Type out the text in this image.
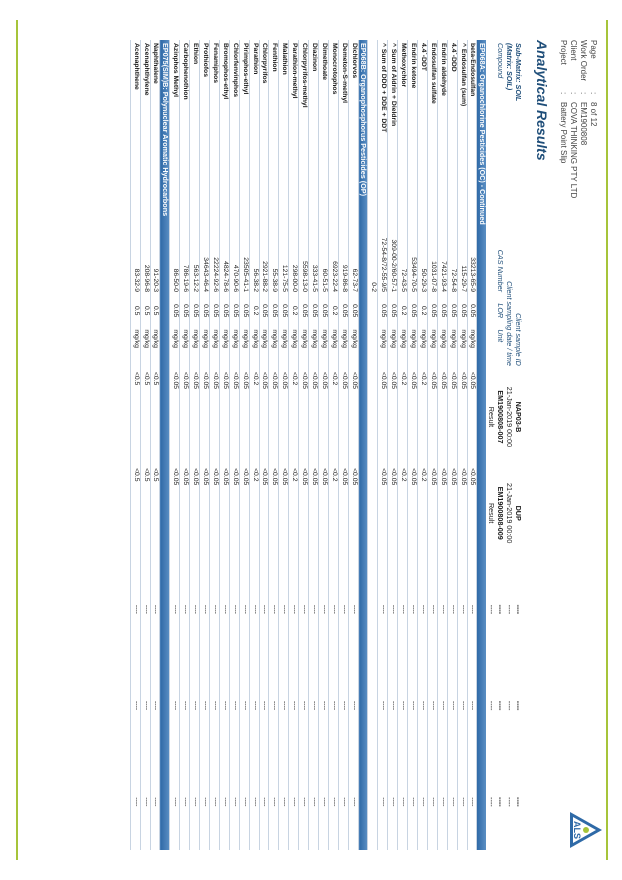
Page
:
8 of 12
Work Order
:
EM1900808
Client
:
COVA THINKING PTY LTD
Project
:
Battery Point Slip
ALS
Analytical Results
Sub-Matrix: SOIL	Client sample ID			NAP03-B	DUP	----	----	----
(Matrix: SOIL)	Client sampling date / time			21-Jan-2019 00:00	21-Jan-2019 00:00	----	----	----
Compound	CAS Number	LOR	Unit	EM1900808-007	EM1900808-009	----	----	----
				Result	Result	----	----	----
EP068A: Organochlorine Pesticides (OC) - Continued								
beta-Endosulfan	33213-65-9	0.05	mg/kg	<0.05	<0.05	----	----	----
^ Endosulfan (sum)	115-29-7	0.05	mg/kg	<0.05	<0.05	----	----	----
4.4`-DDD	72-54-8	0.05	mg/kg	<0.05	<0.05	----	----	----
Endrin aldehyde	7421-93-4	0.05	mg/kg	<0.05	<0.05	----	----	----
Endosulfan sulfate	1031-07-8	0.05	mg/kg	<0.05	<0.05	----	----	----
4.4`-DDT	50-29-3	0.2	mg/kg	<0.2	<0.2	----	----	----
Endrin ketone	53494-70-5	0.05	mg/kg	<0.05	<0.05	----	----	----
Methoxychlor	72-43-5	0.2	mg/kg	<0.2	<0.2	----	----	----
^ Sum of Aldrin + Dieldrin	309-00-2/60-57-1	0.05	mg/kg	<0.05	<0.05	----	----	----
^ Sum of DDD + DDE + DDT	72-54-8/72-55-9/5	0.05	mg/kg	<0.05	<0.05	----	----	----
	0-2							
EP068B: Organophosphorus Pesticides (OP)								
Dichlorvos	62-73-7	0.05	mg/kg	<0.05	<0.05	----	----	----
Demeton-S-methyl	919-86-8	0.05	mg/kg	<0.05	<0.05	----	----	----
Monocrotophos	6923-22-4	0.2	mg/kg	<0.2	<0.2	----	----	----
Dimethoate	60-51-5	0.05	mg/kg	<0.05	<0.05	----	----	----
Diazinon	333-41-5	0.05	mg/kg	<0.05	<0.05	----	----	----
Chlorpyrifos-methyl	5598-13-0	0.05	mg/kg	<0.05	<0.05	----	----	----
Parathion-methyl	298-00-0	0.2	mg/kg	<0.2	<0.2	----	----	----
Malathion	121-75-5	0.05	mg/kg	<0.05	<0.05	----	----	----
Fenthion	55-38-9	0.05	mg/kg	<0.05	<0.05	----	----	----
Chlorpyrifos	2921-88-2	0.05	mg/kg	<0.05	<0.05	----	----	----
Parathion	56-38-2	0.2	mg/kg	<0.2	<0.2	----	----	----
Pirimphos-ethyl	23505-41-1	0.05	mg/kg	<0.05	<0.05	----	----	----
Chlorfenvinphos	470-90-6	0.05	mg/kg	<0.05	<0.05	----	----	----
Bromophos-ethyl	4824-78-6	0.05	mg/kg	<0.05	<0.05	----	----	----
Fenamiphos	22224-92-6	0.05	mg/kg	<0.05	<0.05	----	----	----
Prothiofos	34643-46-4	0.05	mg/kg	<0.05	<0.05	----	----	----
Ethion	563-12-2	0.05	mg/kg	<0.05	<0.05	----	----	----
Carbophenothion	786-19-6	0.05	mg/kg	<0.05	<0.05	----	----	----
Azinphos Methyl	86-50-0	0.05	mg/kg	<0.05	<0.05	----	----	----
EP075(SIM)B: Polynuclear Aromatic Hydrocarbons								
Naphthalene	91-20-3	0.5	mg/kg	<0.5	<0.5	----	----	----
Acenaphthylene	208-96-8	0.5	mg/kg	<0.5	<0.5	----	----	----
Acenaphthene	83-32-9	0.5	mg/kg	<0.5	<0.5	----	----	----
